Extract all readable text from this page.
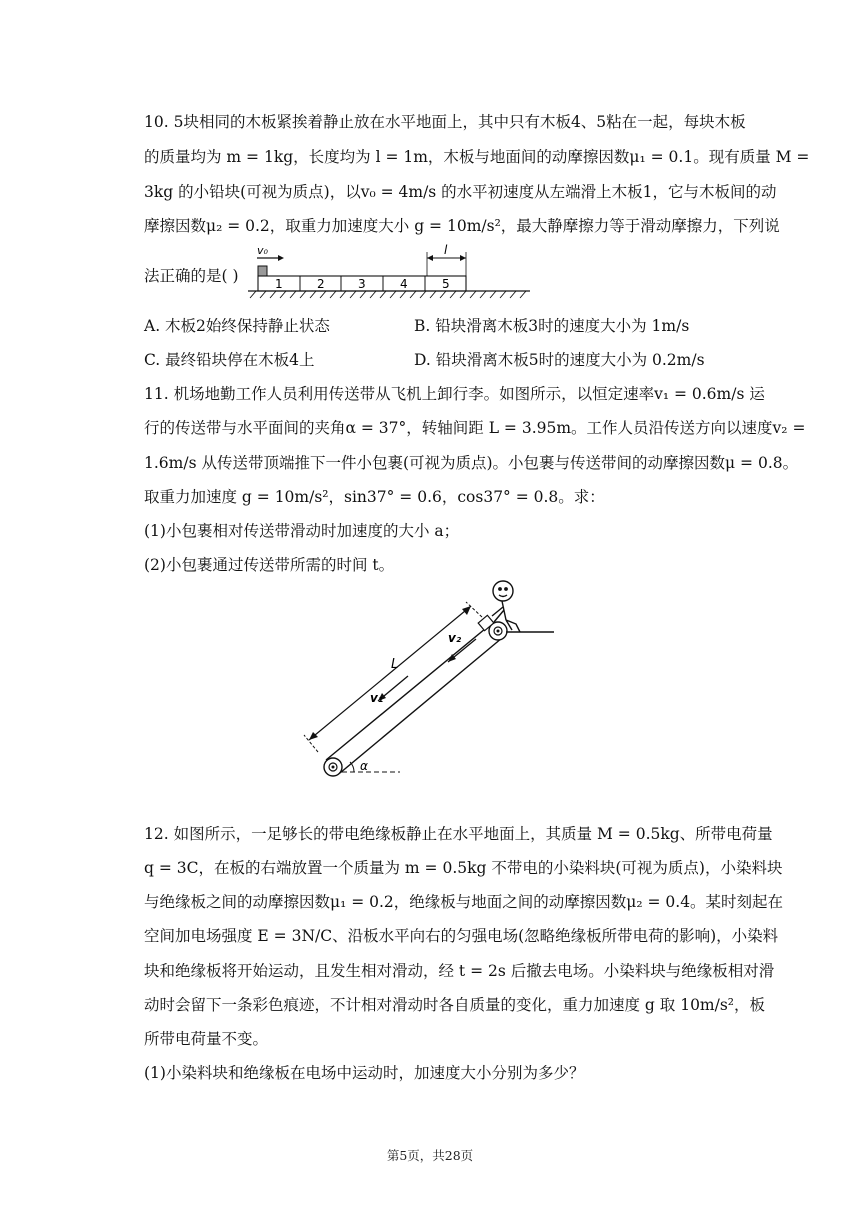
10. 5块相同的木板紧挨着静止放在水平地面上，其中只有木板4、5粘在一起，每块木板
的质量均为 m = 1kg，长度均为 l = 1m，木板与地面间的动摩擦因数μ₁ = 0.1。现有质量 M =
3kg 的小铅块(可视为质点)，以v₀ = 4m/s 的水平初速度从左端滑上木板1，它与木板间的动
摩擦因数μ₂ = 0.2，取重力加速度大小 g = 10m/s²，最大静摩擦力等于滑动摩擦力，下列说
法正确的是( )
v₀	l
1	2	3	4	5
A. 木板2始终保持静止状态	B. 铅块滑离木板3时的速度大小为 1m/s
C. 最终铅块停在木板4上	D. 铅块滑离木板5时的速度大小为 0.2m/s
11. 机场地勤工作人员利用传送带从飞机上卸行李。如图所示，以恒定速率v₁ = 0.6m/s 运
行的传送带与水平面间的夹角α = 37°，转轴间距 L = 3.95m。工作人员沿传送方向以速度v₂ =
1.6m/s 从传送带顶端推下一件小包裹(可视为质点)。小包裹与传送带间的动摩擦因数μ = 0.8。
取重力加速度 g = 10m/s²，sin37° = 0.6，cos37° = 0.8。求：
(1)小包裹相对传送带滑动时加速度的大小 a；
(2)小包裹通过传送带所需的时间 t。
α
L
v₁
v₂
12. 如图所示，一足够长的带电绝缘板静止在水平地面上，其质量 M = 0.5kg、所带电荷量
q = 3C，在板的右端放置一个质量为 m = 0.5kg 不带电的小染料块(可视为质点)，小染料块
与绝缘板之间的动摩擦因数μ₁ = 0.2，绝缘板与地面之间的动摩擦因数μ₂ = 0.4。某时刻起在
空间加电场强度 E = 3N/C、沿板水平向右的匀强电场(忽略绝缘板所带电荷的影响)，小染料
块和绝缘板将开始运动，且发生相对滑动，经 t = 2s 后撤去电场。小染料块与绝缘板相对滑
动时会留下一条彩色痕迹，不计相对滑动时各自质量的变化，重力加速度 g 取 10m/s²，板
所带电荷量不变。
(1)小染料块和绝缘板在电场中运动时，加速度大小分别为多少？
第5页，共28页
